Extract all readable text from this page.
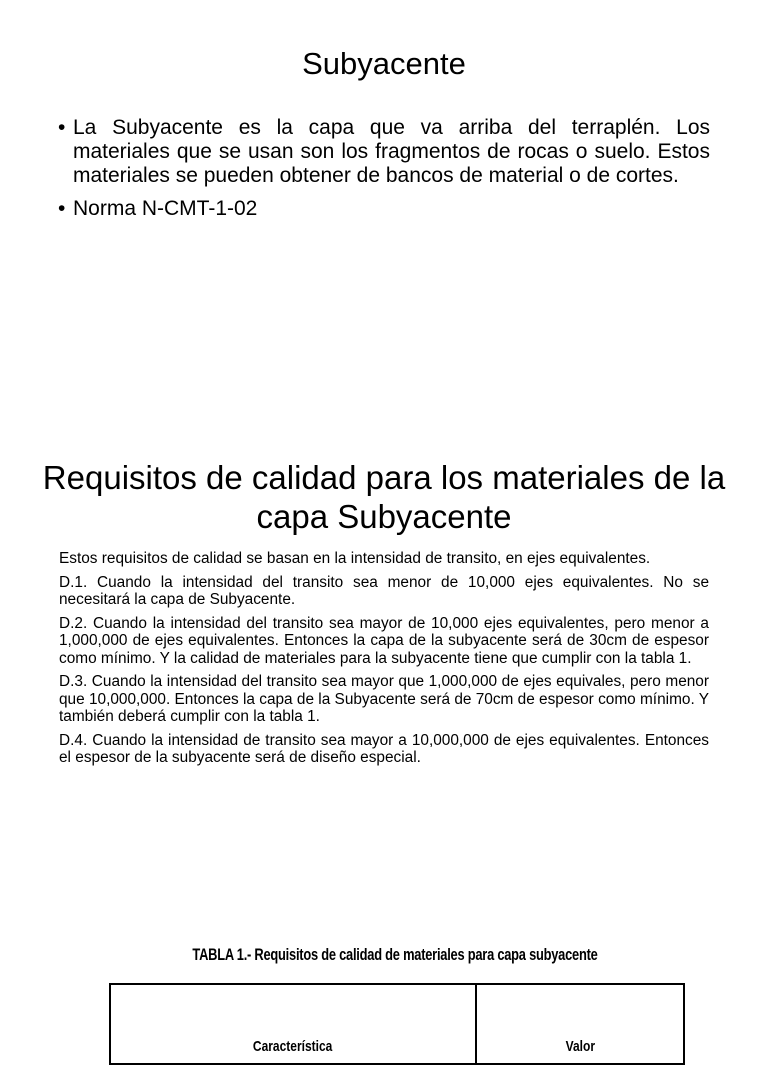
Subyacente
• La Subyacente es la capa que va arriba del terraplén. Los materiales que se usan son los fragmentos de rocas o suelo. Estos materiales se pueden obtener de bancos de material o de cortes.
• Norma N-CMT-1-02
Requisitos de calidad para los materiales de la capa Subyacente

Estos requisitos de calidad se basan en la intensidad de transito, en ejes equivalentes.

D.1. Cuando la intensidad del transito sea menor de 10,000 ejes equivalentes. No se necesitará la capa de Subyacente.

D.2. Cuando la intensidad del transito sea mayor de 10,000 ejes equivalentes, pero menor a 1,000,000 de ejes equivalentes. Entonces la capa de la subyacente será de 30cm de espesor como mínimo. Y la calidad de materiales para la subyacente tiene que cumplir con la tabla 1.

D.3. Cuando la intensidad del transito sea mayor que 1,000,000 de ejes equivales, pero menor que 10,000,000. Entonces la capa de la Subyacente será de 70cm de espesor como mínimo. Y también deberá cumplir con la tabla 1.

D.4. Cuando la intensidad de transito sea mayor a 10,000,000 de ejes equivalentes. Entonces el espesor de la subyacente será de diseño especial.

TABLA 1.- Requisitos de calidad de materiales para capa subyacente
Característica	Valor
